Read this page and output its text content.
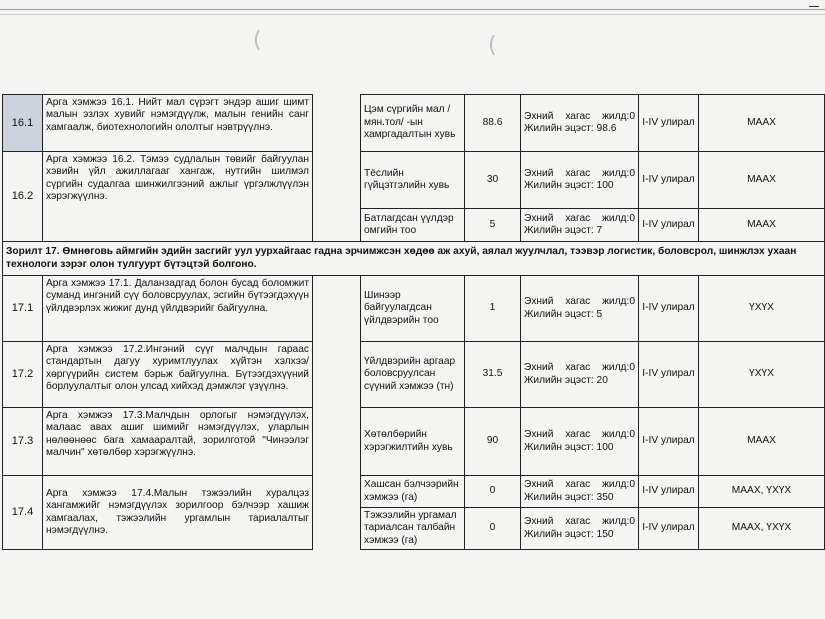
(	(
16.1	Арга хэмжээ 16.1. Нийт мал сүрэгт эндэр ашиг шимт малын эзлэх хувийг нэмэгдүүлж, малын генийн санг хамгаалж, биотехнологийн ололтыг нэвтрүүлнэ.		Цэм сүргийн мал /мян.тол/ -ын хамргадалтын хувь	88.6	Эхний хагас жилд:0 Жилийн эцэст: 98.6	I-IV улирал	МААХ
16.2	Арга хэмжээ 16.2. Тэмээ судлалын төвийг байгуулан хэвийн үйл ажиллагааг хангаж, нутгийн шилмэл сүргийн судалгаа шинжилгээний ажлыг үргэлжлүүлэн хэрэгжүүлнэ.		Тёслийн гүйцэтгэлийн хувь	30	Эхний хагас жилд:0 Жилийн эцэст: 100	I-IV улирал	МААХ
			Батлагдсан үүлдэр омгийн тоо	5	Эхний хагас жилд:0 Жилийн эцэст: 7	I-IV улирал	МААХ
Зорилт 17. Өмнөговь аймгийн эдийн засгийг уул уурхайгаас гадна эрчимжсэн хөдөө аж ахуй, аялал жуулчлал, тээвэр логистик, боловсрол, шинжлэх ухаан технологи зэрэг олон тулгуурт бүтэцтэй болгоно.							
17.1	Арга хэмжээ 17.1. Даланзадгад болон бусад боломжит суманд ингэний сүү боловсруулах, эсгийн бүтээгдэхүүн үйлдвэрлэх жижиг дунд үйлдвэрийг байгуулна.		Шинээр байгуулагдсан үйлдвэрийн тоо	1	Эхний хагас жилд:0 Жилийн эцэст: 5	I-IV улирал	ҮХҮХ
17.2	Арга хэмжээ 17.2.Ингэний сүүг малчдын гараас стандартын дагуу хуримтлуулах хүйтэн хэлхээ/хөргүүрийн систем бэрьж байгуулна. Бүтээгдэхүүний борлуулалтыг олон улсад хийхэд дэмжлэг үзүүлнэ.		Үйлдвэрийн аргаар боловсруулсан сүүний хэмжээ (тн)	31.5	Эхний хагас жилд:0 Жилийн эцэст: 20	I-IV улирал	ҮХҮХ
17.3	Арга хэмжээ 17.3.Малчдын орлогыг нэмэгдүүлэх, малаас авах ашиг шимийг нэмэгдүүлэх, уларлын нөлөөнөөс бага хамааралтай, зорилготой "Чинээлэг малчин" хөтөлбөр хэрэгжүүлнэ.		Хөтөлбөрийн хэрэгжилтийн хувь	90	Эхний хагас жилд:0 Жилийн эцэст: 100	I-IV улирал	МААХ
17.4	Арга хэмжээ 17.4.Малын тэжээлийн хуралцэз хангамжийг нэмэгдүүлэх зорилгоор бэлчээр хашиж хамгаалах, тэжээлийн ургамлын тариалалтыг нэмэгдүүлнэ.		Хашсан бэлчээрийн хэмжээ (га)	0	Эхний хагас жилд:0 Жилийн эцэст: 350	I-IV улирал	МААХ, ҮХҮХ
			Тэжээлийн ургамал тариалсан талбайн хэмжээ (га)	0	Эхний хагас жилд:0 Жилийн эцэст: 150	I-IV улирал	МААХ, ҮХҮХ
